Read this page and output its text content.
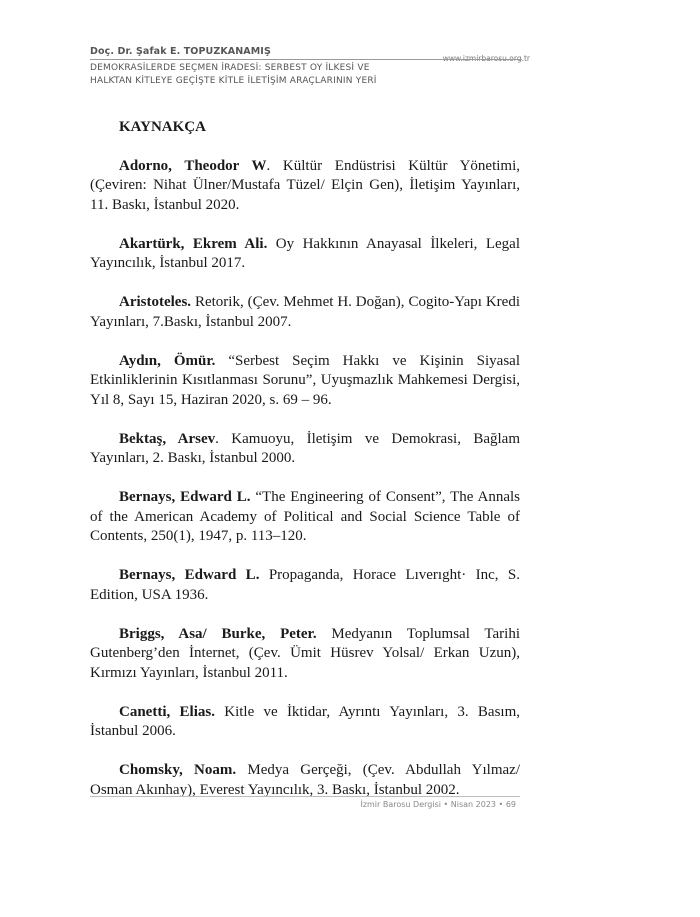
Doç. Dr. Şafak E. TOPUZKANAMIŞ
www.izmirbarosu.org.tr
DEMOKRASİLERDE SEÇMEN İRADESİ: SERBEST OY İLKESİ VE
HALKTAN KİTLEYE GEÇİŞTE KİTLE İLETİŞİM ARAÇLARININ YERİ
KAYNAKÇA

Adorno, Theodor W. Kültür Endüstrisi Kültür Yönetimi, (Çeviren: Nihat Ülner/Mustafa Tüzel/ Elçin Gen), İletişim Yayınları, 11. Baskı, İstanbul 2020.

Akartürk, Ekrem Ali. Oy Hakkının Anayasal İlkeleri, Legal Yayıncılık, İstanbul 2017.

Aristoteles. Retorik, (Çev. Mehmet H. Doğan), Cogito-Yapı Kredi Yayınları, 7.Baskı, İstanbul 2007.

Aydın, Ömür. “Serbest Seçim Hakkı ve Kişinin Siyasal Etkinliklerinin Kısıtlanması Sorunu”, Uyuşmazlık Mahkemesi Dergisi, Yıl 8, Sayı 15, Haziran 2020, s. 69 – 96.

Bektaş, Arsev. Kamuoyu, İletişim ve Demokrasi, Bağlam Yayınları, 2. Baskı, İstanbul 2000.

Bernays, Edward L. “The Engineering of Consent”, The Annals of the American Academy of Political and Social Science Table of Contents, 250(1), 1947, p. 113–120.

Bernays, Edward L. Propaganda, Horace Lıverıght· Inc, S. Edition, USA 1936.

Briggs, Asa/ Burke, Peter. Medyanın Toplumsal Tarihi Gutenberg’den İnternet, (Çev. Ümit Hüsrev Yolsal/ Erkan Uzun), Kırmızı Yayınları, İstanbul 2011.

Canetti, Elias. Kitle ve İktidar, Ayrıntı Yayınları, 3. Basım, İstanbul 2006.

Chomsky, Noam. Medya Gerçeği, (Çev. Abdullah Yılmaz/ Osman Akınhay), Everest Yayıncılık, 3. Baskı, İstanbul 2002.

İzmir Barosu Dergisi • Nisan 2023 • 69
